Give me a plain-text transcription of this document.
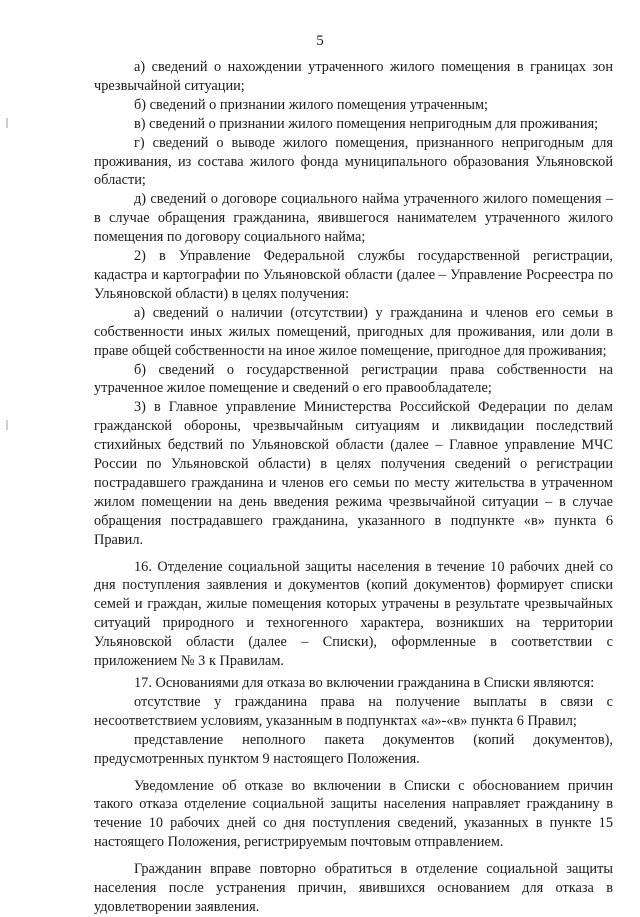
5

а) сведений о нахождении утраченного жилого помещения в границах зон чрезвычайной ситуации;

б) сведений о признании жилого помещения утраченным;

в) сведений о признании жилого помещения непригодным для проживания;

г) сведений о выводе жилого помещения, признанного непригодным для проживания, из состава жилого фонда муниципального образования Ульяновской области;

д) сведений о договоре социального найма утраченного жилого помещения – в случае обращения гражданина, явившегося нанимателем утраченного жилого помещения по договору социального найма;

2) в Управление Федеральной службы государственной регистрации, кадастра и картографии по Ульяновской области (далее – Управление Росреестра по Ульяновской области) в целях получения:

а) сведений о наличии (отсутствии) у гражданина и членов его семьи в собственности иных жилых помещений, пригодных для проживания, или доли в праве общей собственности на иное жилое помещение, пригодное для проживания;

б) сведений о государственной регистрации права собственности на утраченное жилое помещение и сведений о его правообладателе;

3) в Главное управление Министерства Российской Федерации по делам гражданской обороны, чрезвычайным ситуациям и ликвидации последствий стихийных бедствий по Ульяновской области (далее – Главное управление МЧС России по Ульяновской области) в целях получения сведений о регистрации пострадавшего гражданина и членов его семьи по месту жительства в утраченном жилом помещении на день введения режима чрезвычайной ситуации – в случае обращения пострадавшего гражданина, указанного в подпункте «в» пункта 6 Правил.

16. Отделение социальной защиты населения в течение 10 рабочих дней со дня поступления заявления и документов (копий документов) формирует списки семей и граждан, жилые помещения которых утрачены в результате чрезвычайных ситуаций природного и техногенного характера, возникших на территории Ульяновской области (далее – Списки), оформленные в соответствии с приложением № 3 к Правилам.

17. Основаниями для отказа во включении гражданина в Списки являются:

отсутствие у гражданина права на получение выплаты в связи с несоответствием условиям, указанным в подпунктах «а»-«в» пункта 6 Правил;

представление неполного пакета документов (копий документов), предусмотренных пунктом 9 настоящего Положения.

Уведомление об отказе во включении в Списки с обоснованием причин такого отказа отделение социальной защиты населения направляет гражданину в течение 10 рабочих дней со дня поступления сведений, указанных в пункте 15 настоящего Положения, регистрируемым почтовым отправлением.

Гражданин вправе повторно обратиться в отделение социальной защиты населения после устранения причин, явившихся основанием для отказа в удовлетворении заявления.
